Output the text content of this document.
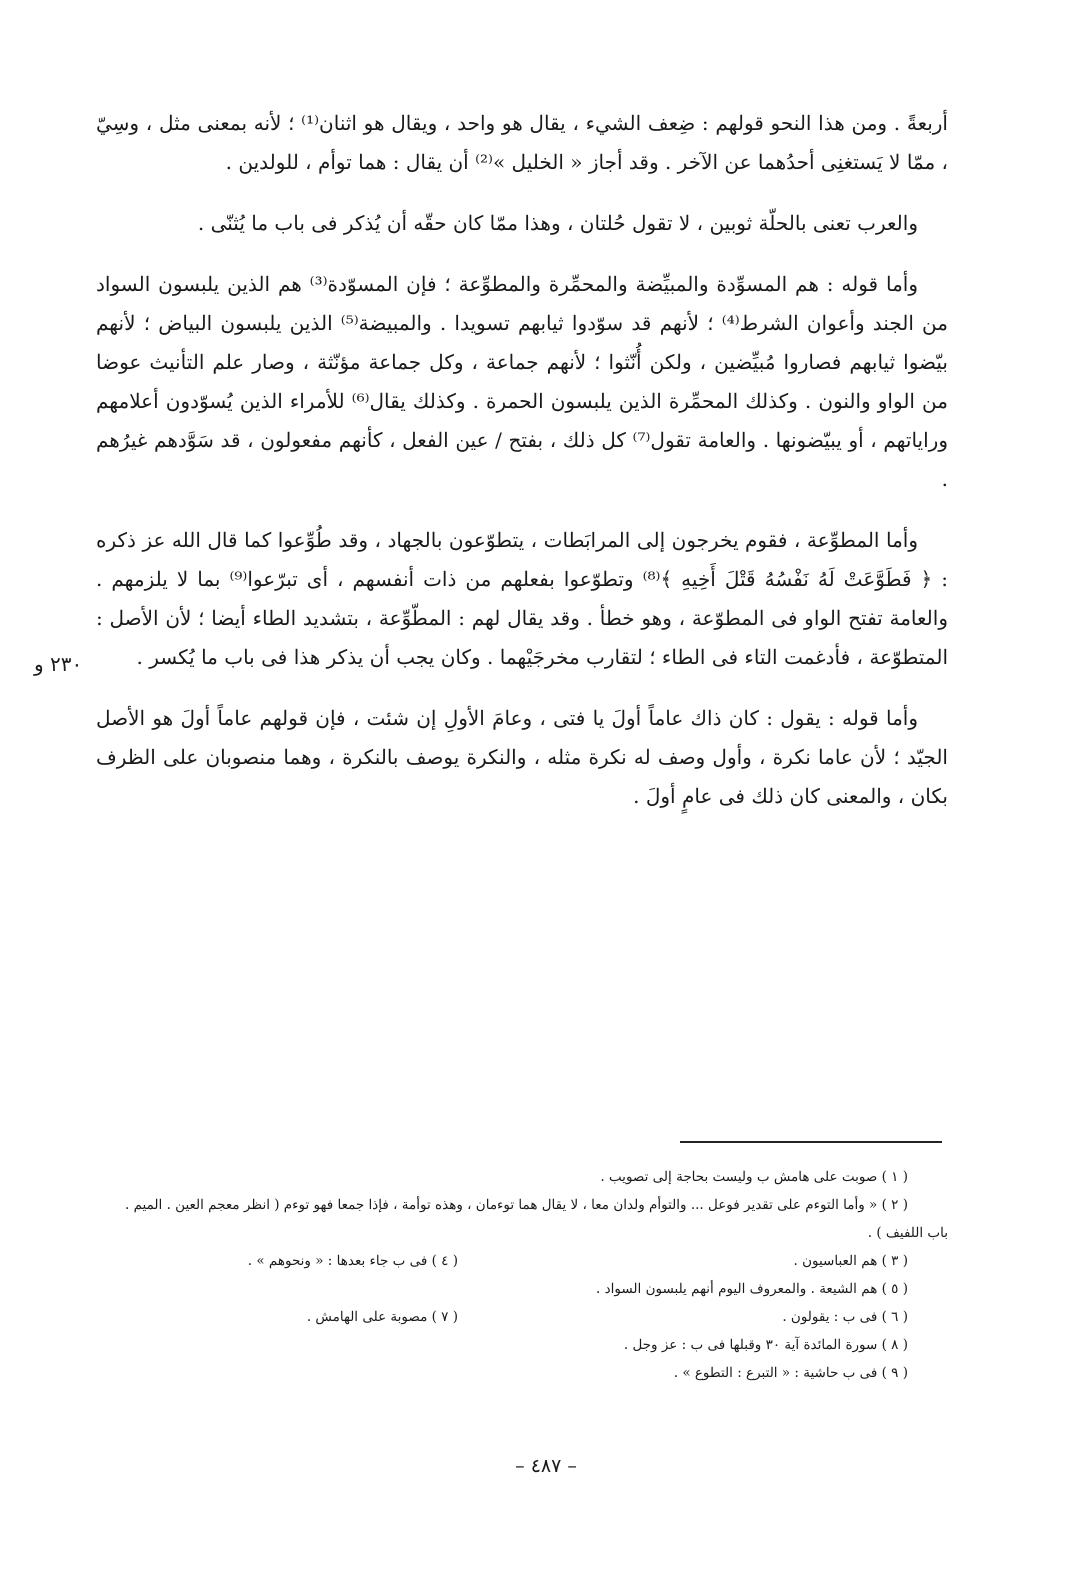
أربعةً . ومن هذا النحو قولهم : ضِعف الشيء ، يقال هو واحد ، ويقال هو اثنان⁽¹⁾ ؛ لأنه بمعنى مثل ، وسِيّ ، ممّا لا يَستغنِى أحدُهما عن الآخر . وقد أجاز « الخليل »⁽²⁾ أن يقال : هما توأم ، للولدين .

والعرب تعنى بالحلّة ثوبين ، لا تقول حُلتان ، وهذا ممّا كان حقّه أن يُذكر فى باب ما يُثنّى .

وأما قوله : هم المسوِّدة والمبيِّضة والمحمِّرة والمطوِّعة ؛ فإن المسوّدة⁽³⁾ هم الذين يلبسون السواد من الجند وأعوان الشرط⁽⁴⁾ ؛ لأنهم قد سوّدوا ثيابهم تسويدا . والمبيضة⁽⁵⁾ الذين يلبسون البياض ؛ لأنهم بيّضوا ثيابهم فصاروا مُبيِّضين ، ولكن أُنّثوا ؛ لأنهم جماعة ، وكل جماعة مؤنّثة ، وصار علم التأنيث عوضا من الواو والنون . وكذلك المحمِّرة الذين يلبسون الحمرة . وكذلك يقال⁽⁶⁾ للأمراء الذين يُسوّدون أعلامهم وراياتهم ، أو يبيّضونها . والعامة تقول⁽⁷⁾ كل ذلك ، بفتح / عين الفعل ، كأنهم مفعولون ، قد سَوَّدهم غيرُهم .

وأما المطوِّعة ، فقوم يخرجون إلى المرابَطات ، يتطوّعون بالجهاد ، وقد طُوِّعوا كما قال الله عز ذكره : ﴿ فَطَوَّعَتْ لَهُ نَفْسُهُ قَتْلَ أَخِيهِ ﴾⁽⁸⁾ وتطوّعوا بفعلهم من ذات أنفسهم ، أى تبرّعوا⁽⁹⁾ بما لا يلزمهم . والعامة تفتح الواو فى المطوّعة ، وهو خطأ . وقد يقال لهم : المطّوِّعة ، بتشديد الطاء أيضا ؛ لأن الأصل : المتطوّعة ، فأدغمت التاء فى الطاء ؛ لتقارب مخرجَيْهما . وكان يجب أن يذكر هذا فى باب ما يُكسر .

وأما قوله : يقول : كان ذاك عاماً أولَ يا فتى ، وعامَ الأولِ إن شئت ، فإن قولهم عاماً أولَ هو الأصل الجيّد ؛ لأن عاما نكرة ، وأول وصف له نكرة مثله ، والنكرة يوصف بالنكرة ، وهما منصوبان على الظرف بكان ، والمعنى كان ذلك فى عامٍ أولَ .

٢٣٠ و
( ١ ) صوبت على هامش ب وليست بحاجة إلى تصويب .
( ٢ ) « وأما التوءم على تقدير فوعل ... والتوأم ولدان معا ، لا يقال هما توءمان ، وهذه توأمة ، فإذا جمعا فهو توءم ( انظر معجم العين . الميم . باب اللفيف ) .
( ٣ ) هم العباسيون .
( ٤ ) فى ب جاء بعدها : « ونحوهم » .
( ٥ ) هم الشيعة . والمعروف اليوم أنهم يلبسون السواد .
( ٦ ) فى ب : يقولون .
( ٧ ) مصوبة على الهامش .
( ٨ ) سورة المائدة آية ٣٠ وقبلها فى ب : عز وجل .
( ٩ ) فى ب حاشية : « التبرع : التطوع » .
– ٤٨٧ –
